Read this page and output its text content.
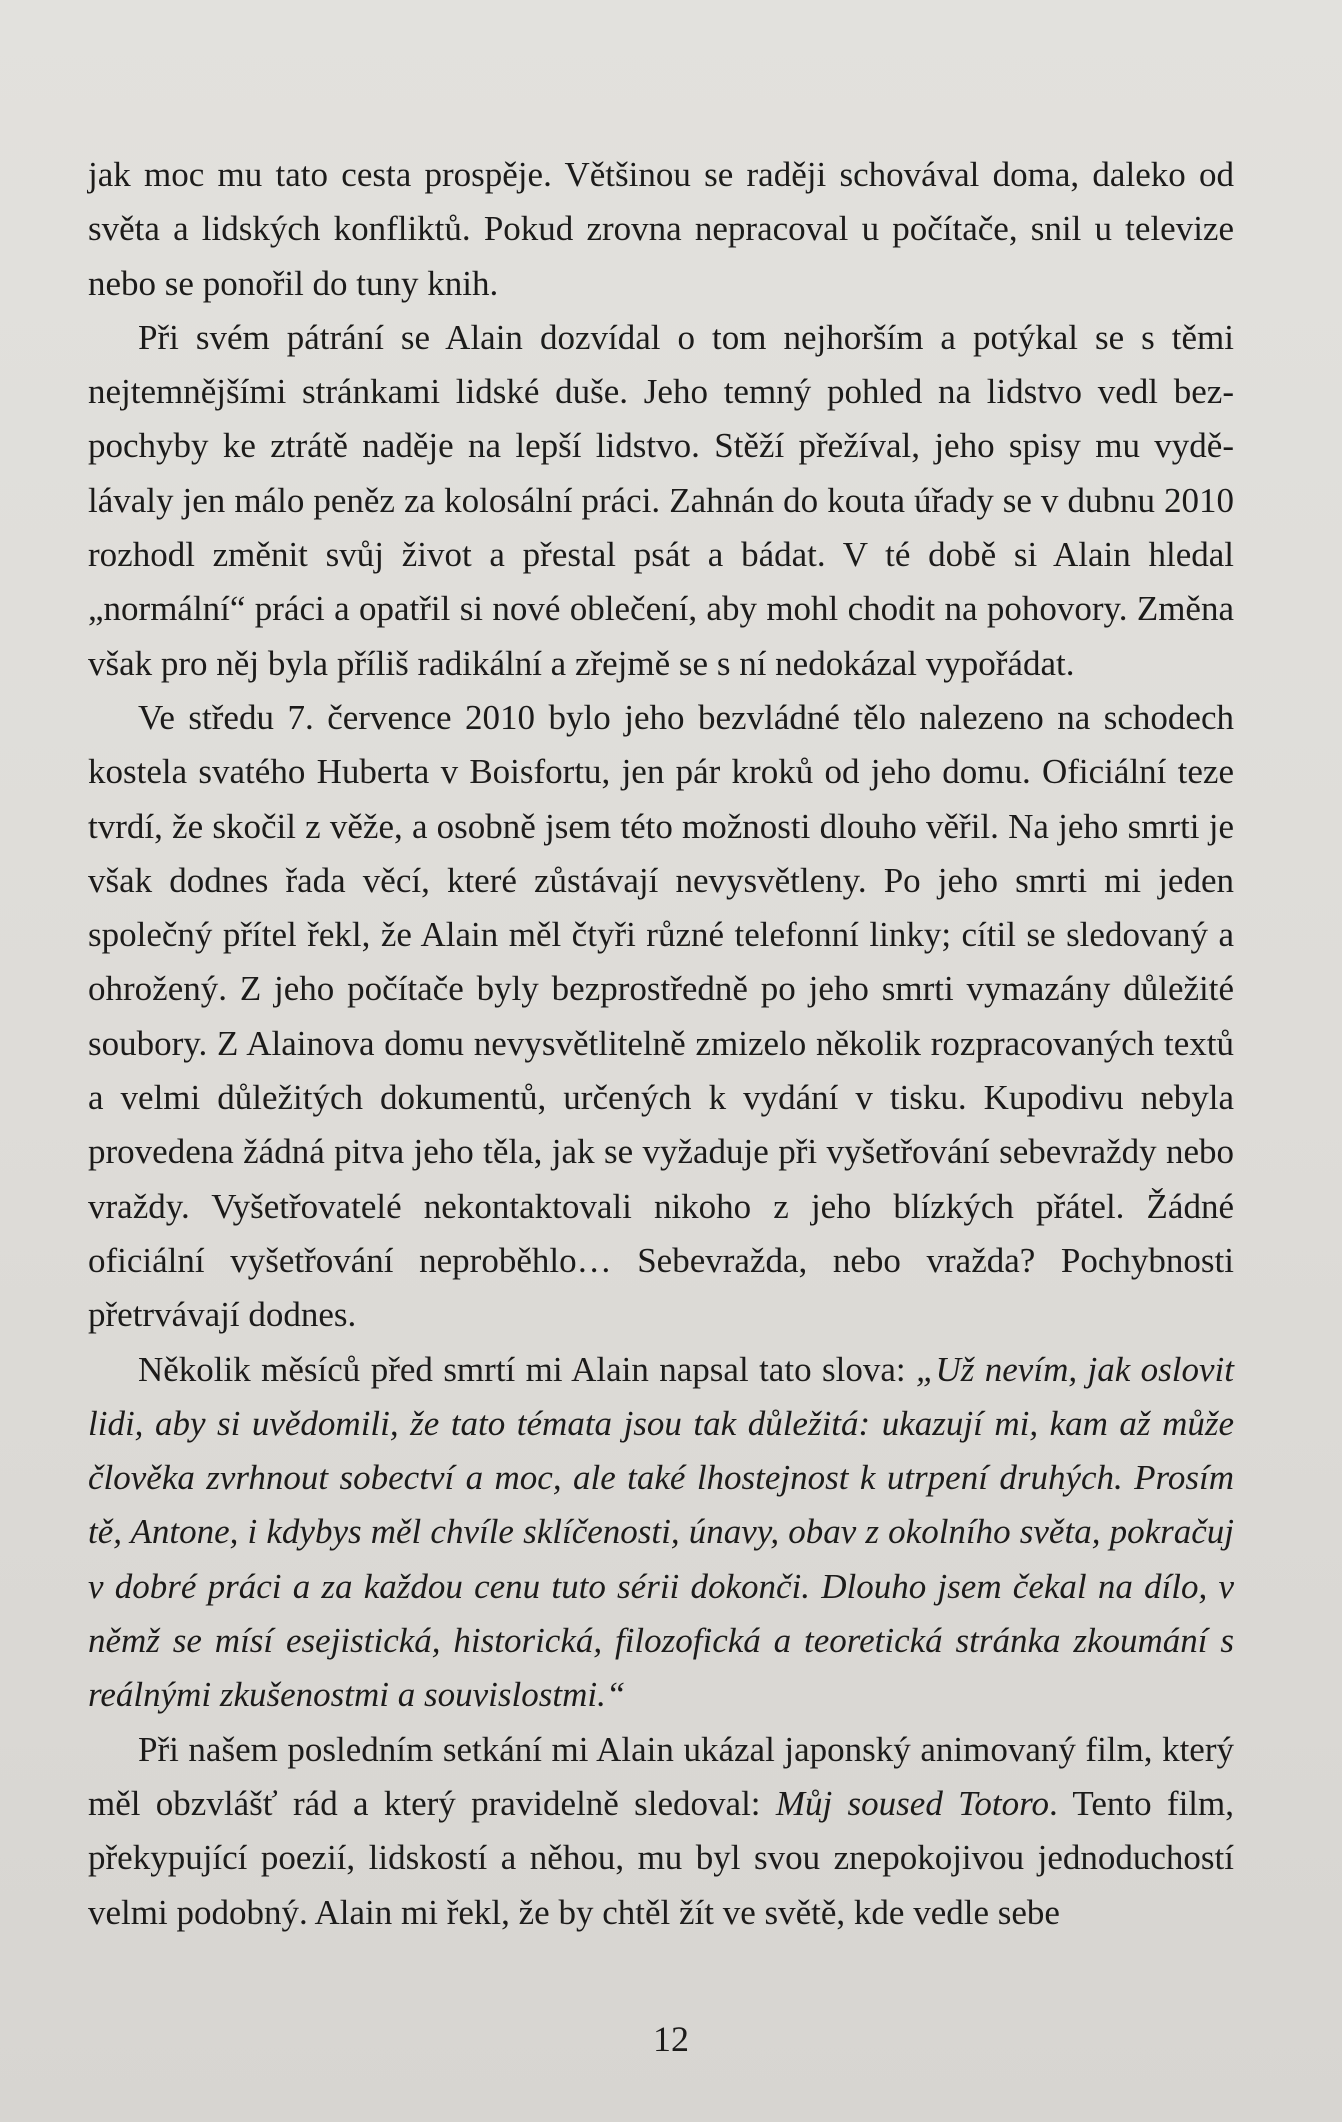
jak moc mu tato cesta prospěje. Většinou se raději schovával doma, daleko od světa a lidských konfliktů. Pokud zrovna nepracoval u počítače, snil u televize nebo se ponořil do tuny knih.

Při svém pátrání se Alain dozvídal o tom nejhorším a potýkal se s těmi nejtemnějšími stránkami lidské duše. Jeho temný pohled na lidstvo vedl bezpochyby ke ztrátě naděje na lepší lidstvo. Stěží přežíval, jeho spisy mu vydělávaly jen málo peněz za kolosální práci. Zahnán do kouta úřady se v dubnu 2010 rozhodl změnit svůj život a přestal psát a bádat. V té době si Alain hledal „normální“ práci a opatřil si nové oblečení, aby mohl chodit na pohovory. Změna však pro něj byla příliš radikální a zřejmě se s ní nedokázal vypořádat.

Ve středu 7. července 2010 bylo jeho bezvládné tělo nalezeno na schodech kostela svatého Huberta v Boisfortu, jen pár kroků od jeho domu. Oficiální teze tvrdí, že skočil z věže, a osobně jsem této možnosti dlouho věřil. Na jeho smrti je však dodnes řada věcí, které zůstávají nevysvětleny. Po jeho smrti mi jeden společný přítel řekl, že Alain měl čtyři různé telefonní linky; cítil se sledovaný a ohrožený. Z jeho počítače byly bezprostředně po jeho smrti vymazány důležité soubory. Z Alainova domu nevysvětlitelně zmizelo několik rozpracovaných textů a velmi důležitých dokumentů, určených k vydání v tisku. Kupodivu nebyla provedena žádná pitva jeho těla, jak se vyžaduje při vyšetřování sebevraždy nebo vraždy. Vyšetřovatelé nekontaktovali nikoho z jeho blízkých přátel. Žádné oficiální vyšetřování neproběhlo… Sebevražda, nebo vražda? Pochybnosti přetrvávají dodnes.

Několik měsíců před smrtí mi Alain napsal tato slova: „Už nevím, jak oslovit lidi, aby si uvědomili, že tato témata jsou tak důležitá: ukazují mi, kam až může člověka zvrhnout sobectví a moc, ale také lhostejnost k utrpení druhých. Prosím tě, Antone, i kdybys měl chvíle sklíčenosti, únavy, obav z okolního světa, pokračuj v dobré práci a za každou cenu tuto sérii dokonči. Dlouho jsem čekal na dílo, v němž se mísí esejistická, historická, filozofická a teoretická stránka zkoumání s reálnými zkušenostmi a souvislostmi.“

Při našem posledním setkání mi Alain ukázal japonský animovaný film, který měl obzvlášť rád a který pravidelně sledoval: Můj soused Totoro. Tento film, překypující poezií, lidskostí a něhou, mu byl svou znepokojivou jednoduchostí velmi podobný. Alain mi řekl, že by chtěl žít ve světě, kde vedle sebe

12
